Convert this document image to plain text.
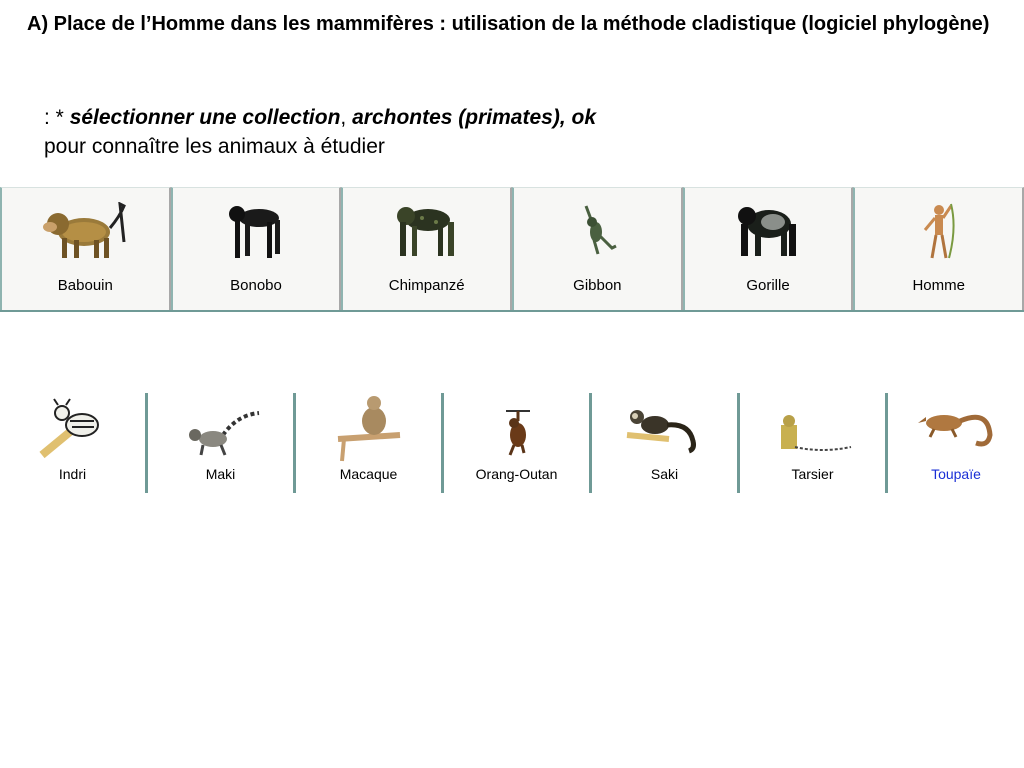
A) Place de l’Homme dans les mammifères : utilisation de la méthode cladistique (logiciel phylogène)
: * sélectionner une collection, archontes (primates), ok
pour connaître les animaux à étudier
Babouin	Bonobo	Chimpanzé	Gibbon	Gorille	Homme
Indri	Maki	Macaque	Orang-Outan	Saki	Tarsier	Toupaïe
